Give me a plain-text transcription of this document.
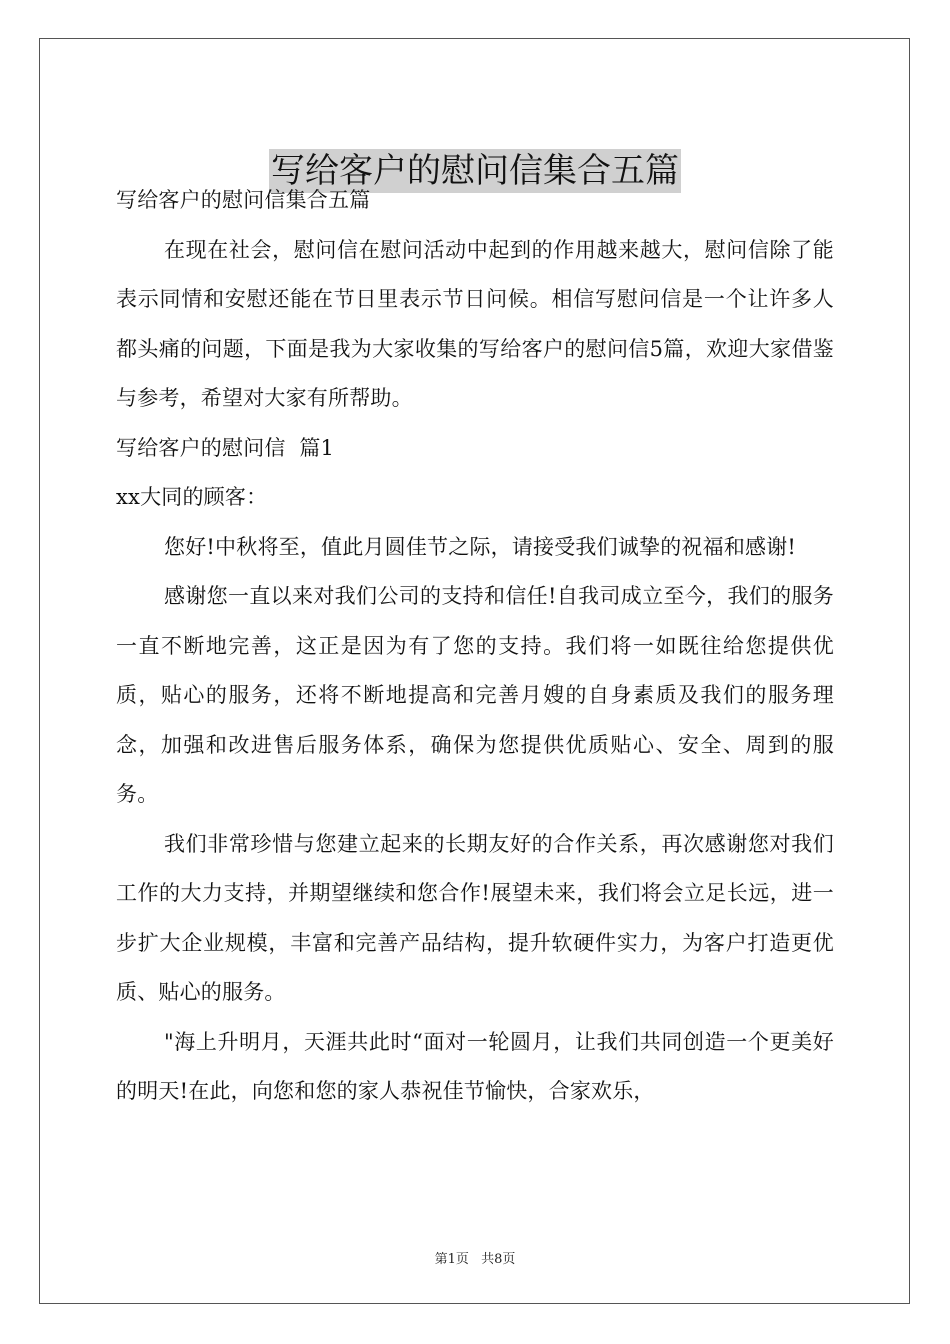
写给客户的慰问信集合五篇

写给客户的慰问信集合五篇

在现在社会，慰问信在慰问活动中起到的作用越来越大，慰问信除了能表示同情和安慰还能在节日里表示节日问候。相信写慰问信是一个让许多人都头痛的问题，下面是我为大家收集的写给客户的慰问信5篇，欢迎大家借鉴与参考，希望对大家有所帮助。

写给客户的慰问信  篇1

xx大同的顾客：

您好!中秋将至，值此月圆佳节之际，请接受我们诚挚的祝福和感谢!

感谢您一直以来对我们公司的支持和信任!自我司成立至今，我们的服务一直不断地完善，这正是因为有了您的支持。我们将一如既往给您提供优质，贴心的服务，还将不断地提高和完善月嫂的自身素质及我们的服务理念，加强和改进售后服务体系，确保为您提供优质贴心、安全、周到的服务。

我们非常珍惜与您建立起来的长期友好的合作关系，再次感谢您对我们工作的大力支持，并期望继续和您合作!展望未来，我们将会立足长远，进一步扩大企业规模，丰富和完善产品结构，提升软硬件实力，为客户打造更优质、贴心的服务。

"海上升明月，天涯共此时“面对一轮圆月，让我们共同创造一个更美好的明天!在此，向您和您的家人恭祝佳节愉快，合家欢乐，

第1页 共8页
